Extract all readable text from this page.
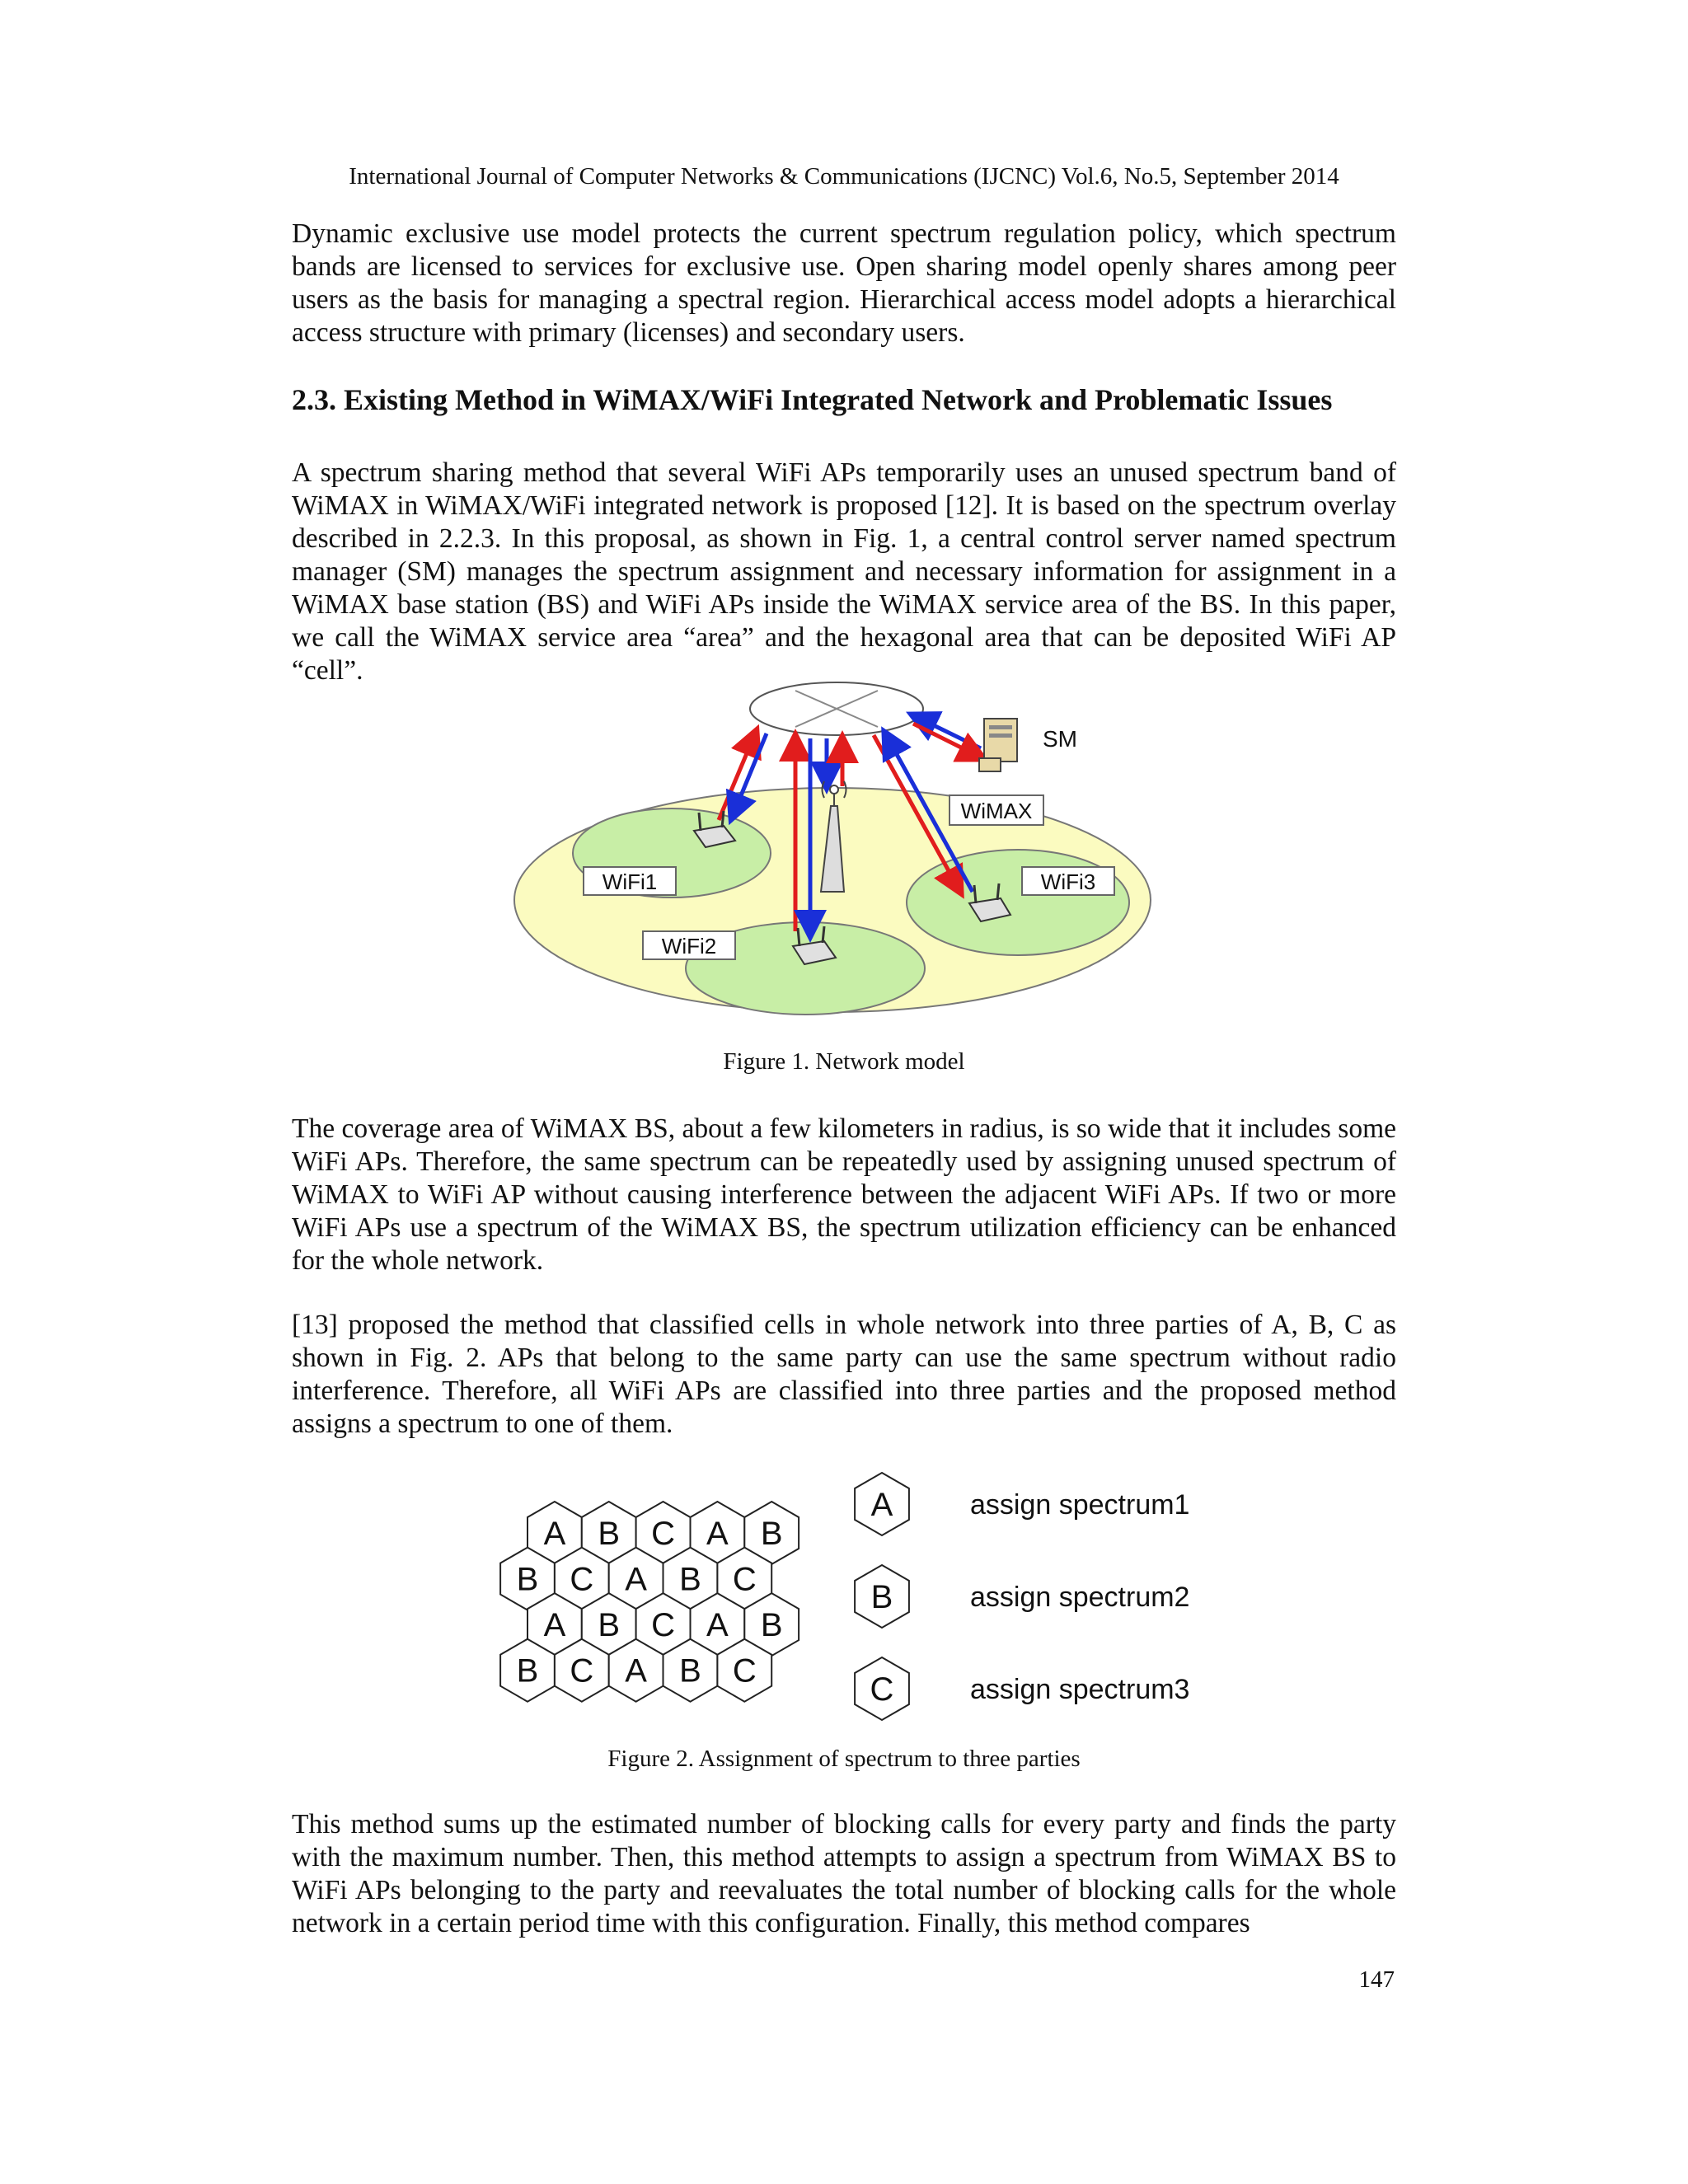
International Journal of Computer Networks & Communications (IJCNC) Vol.6, No.5, September 2014

Dynamic exclusive use model protects the current spectrum regulation policy, which spectrum bands are licensed to services for exclusive use. Open sharing model openly shares among peer users as the basis for managing a spectral region. Hierarchical access model adopts a hierarchical access structure with primary (licenses) and secondary users.

2.3. Existing Method in WiMAX/WiFi Integrated Network and Problematic Issues

A spectrum sharing method that several WiFi APs temporarily uses an unused spectrum band of WiMAX in WiMAX/WiFi integrated network is proposed [12]. It is based on the spectrum overlay described in 2.2.3. In this proposal, as shown in Fig. 1, a central control server named spectrum manager (SM) manages the spectrum assignment and necessary information for assignment in a WiMAX base station (BS) and WiFi APs inside the WiMAX service area of the BS. In this paper, we call the WiMAX service area “area” and the hexagonal area that can be deposited WiFi AP “cell”.

SM
WiMAX
WiFi1
WiFi2
WiFi3
Figure 1. Network model

The coverage area of WiMAX BS, about a few kilometers in radius, is so wide that it includes some WiFi APs. Therefore, the same spectrum can be repeatedly used by assigning unused spectrum of WiMAX to WiFi AP without causing interference between the adjacent WiFi APs. If two or more WiFi APs use a spectrum of the WiMAX BS, the spectrum utilization efficiency can be enhanced for the whole network.

[13] proposed the method that classified cells in whole network into three parties of A, B, C as shown in Fig. 2. APs that belong to the same party can use the same spectrum without radio interference. Therefore, all WiFi APs are classified into three parties and the proposed method assigns a spectrum to one of them.

A B C A B
B C A B C
A B C A B
B C A B C
A	assign spectrum1
B	assign spectrum2
C	assign spectrum3
Figure 2. Assignment of spectrum to three parties

This method sums up the estimated number of blocking calls for every party and finds the party with the maximum number. Then, this method attempts to assign a spectrum from WiMAX BS to WiFi APs belonging to the party and reevaluates the total number of blocking calls for the whole network in a certain period time with this configuration. Finally, this method compares

147
